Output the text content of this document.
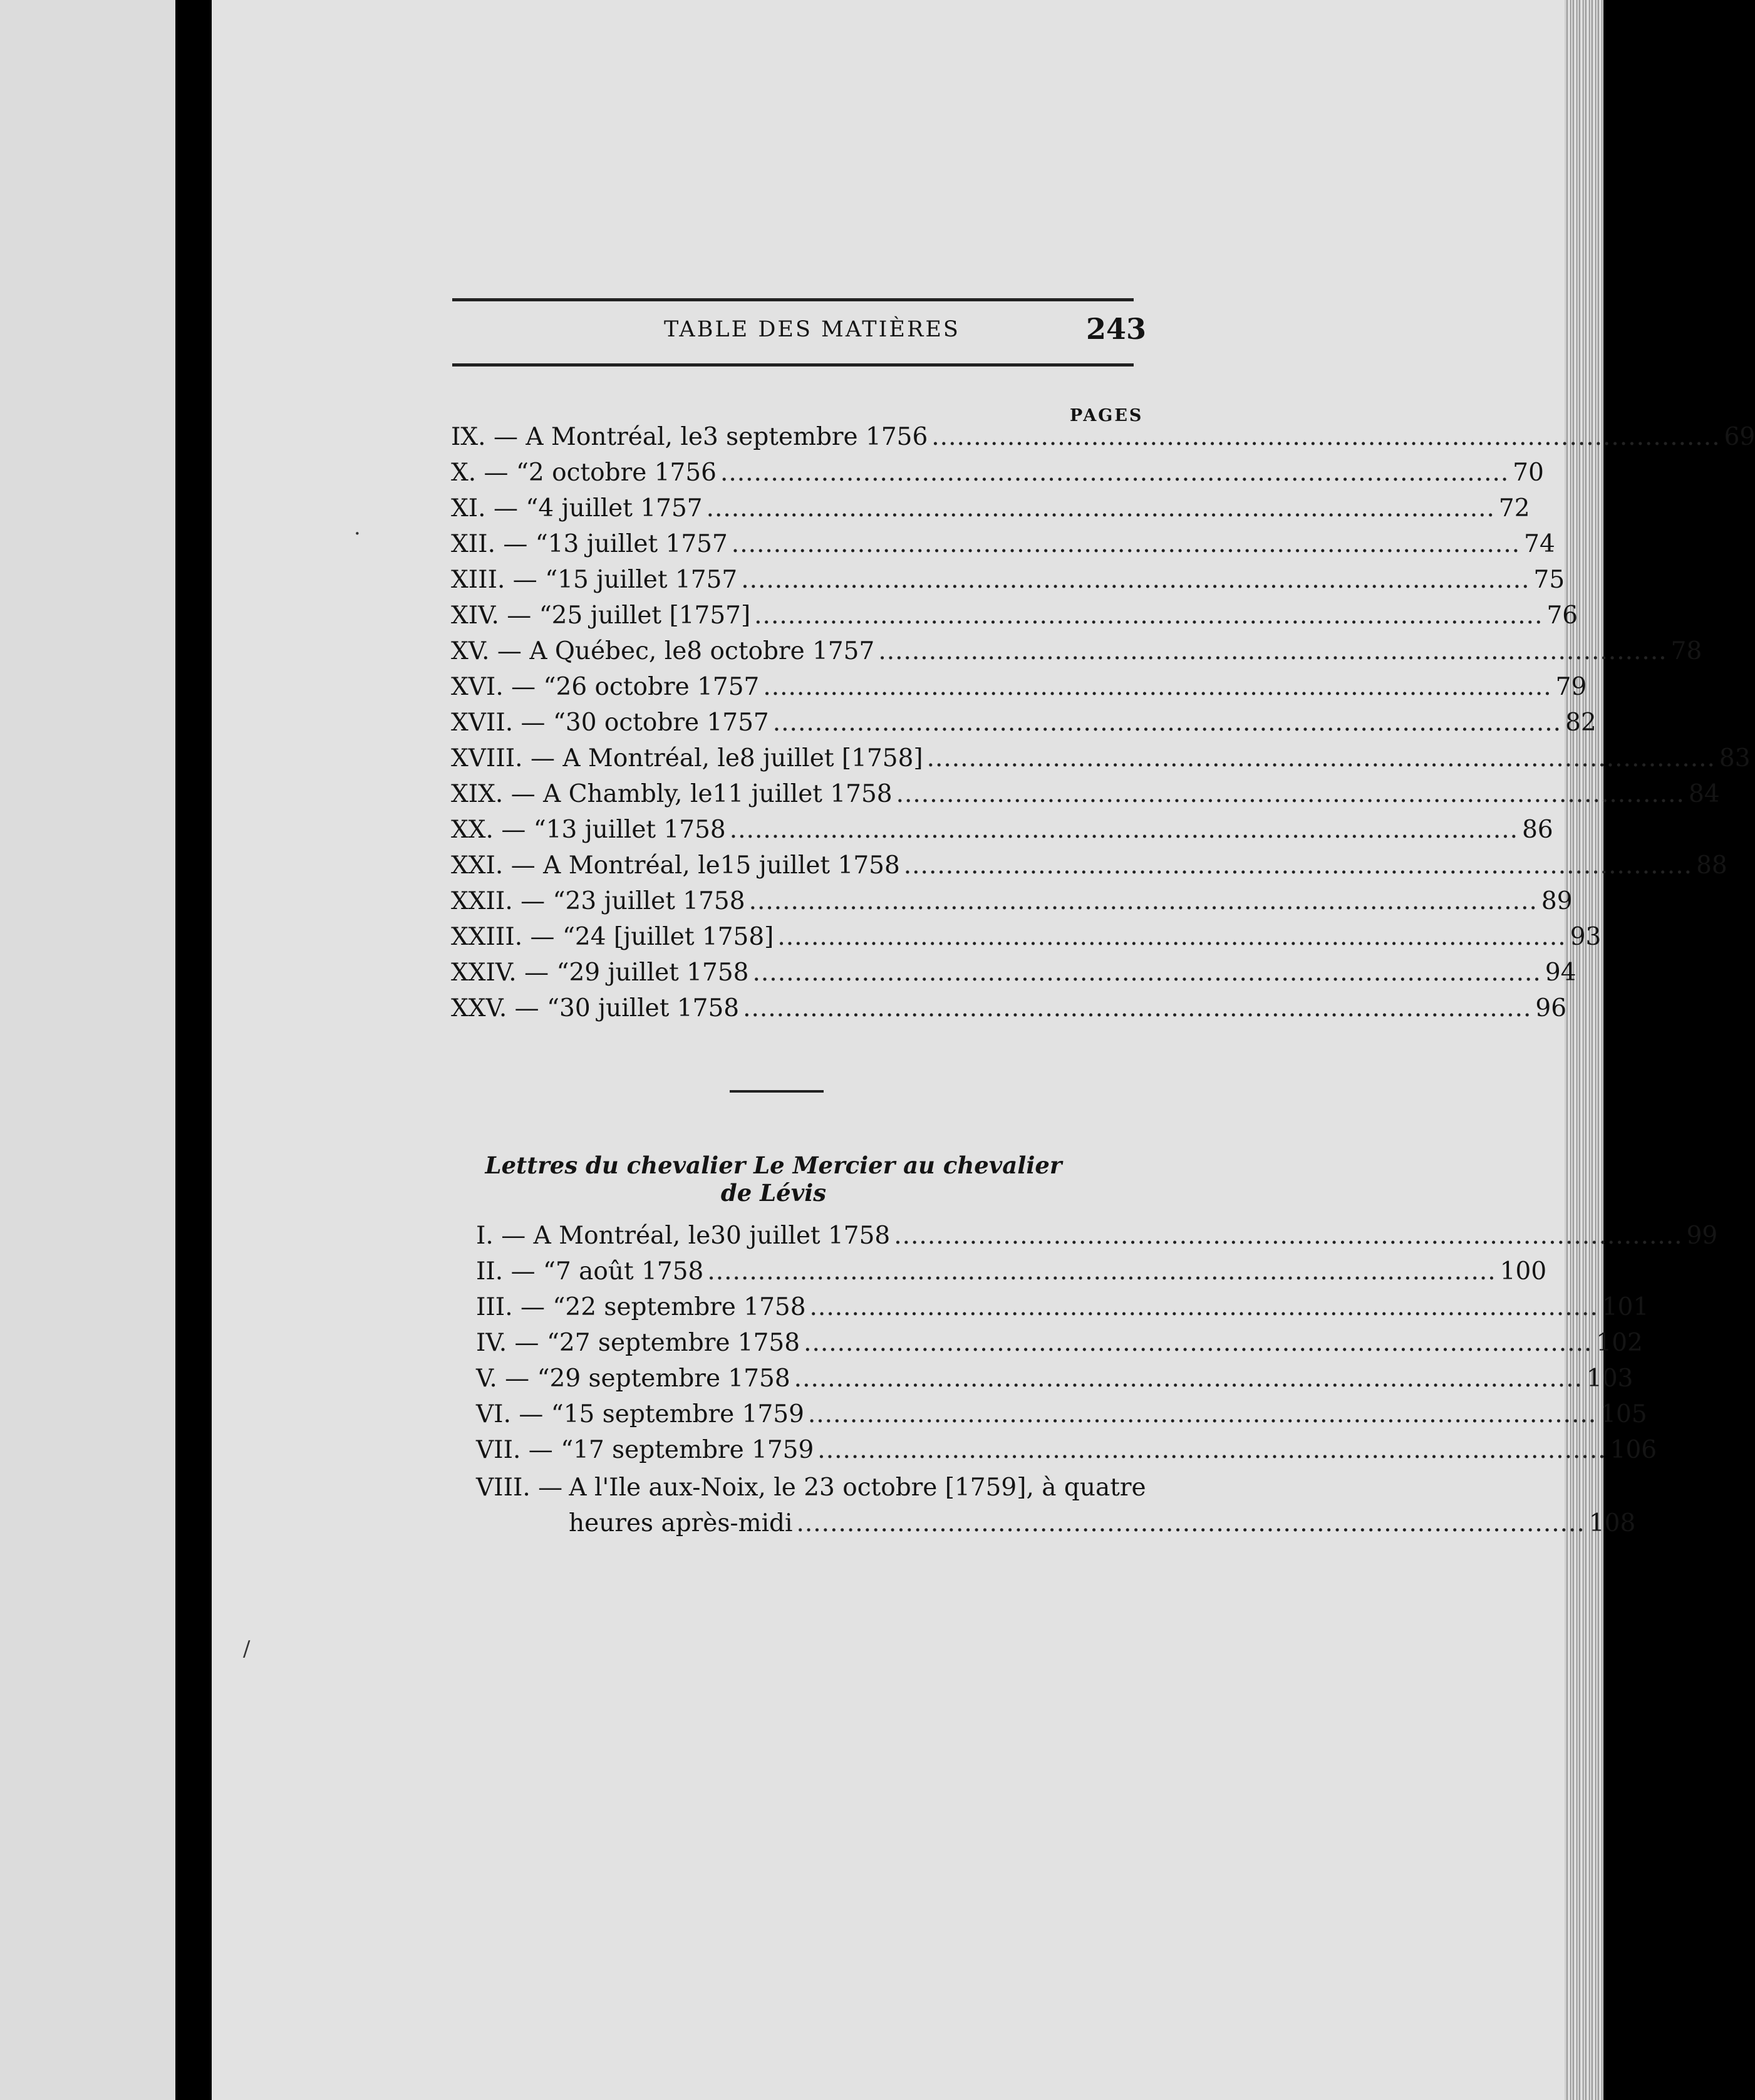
·
/
TABLE DES MATIÈRES	243
PAGES
IX. —
A Montréal, le 3 septembre 1756 .............................................................................................. 69
X. —
“ 2 octobre 1756 .............................................................................................. 70
XI. —
“ 4 juillet 1757 .............................................................................................. 72
XII. —
“ 13 juillet 1757 .............................................................................................. 74
XIII. —
“ 15 juillet 1757 .............................................................................................. 75
XIV. —
“ 25 juillet [1757] .............................................................................................. 76
XV. —
A Québec, le 8 octobre 1757 .............................................................................................. 78
XVI. —
“ 26 octobre 1757 .............................................................................................. 79
XVII. —
“ 30 octobre 1757 .............................................................................................. 82
XVIII. —
A Montréal, le 8 juillet [1758] .............................................................................................. 83
XIX. —
A Chambly, le 11 juillet 1758 .............................................................................................. 84
XX. —
“ 13 juillet 1758 .............................................................................................. 86
XXI. —
A Montréal, le 15 juillet 1758 .............................................................................................. 88
XXII. —
“ 23 juillet 1758 .............................................................................................. 89
XXIII. —
“ 24 [juillet 1758] .............................................................................................. 93
XXIV. —
“ 29 juillet 1758 .............................................................................................. 94
XXV. —
“ 30 juillet 1758 .............................................................................................. 96
Lettres du chevalier Le Mercier au chevalier de Lévis
I. —
A Montréal, le 30 juillet 1758 .............................................................................................. 99
II. —
“ 7 août 1758 .............................................................................................. 100
III. —
“ 22 septembre 1758 .............................................................................................. 101
IV. —
“ 27 septembre 1758 .............................................................................................. 102
V. —
“ 29 septembre 1758 .............................................................................................. 103
VI. —
“ 15 septembre 1759 .............................................................................................. 105
VII. —
“ 17 septembre 1759 .............................................................................................. 106
VIII. — A l'Ile aux-Noix, le 23 octobre [1759], à quatre
heures après-midi .............................................................................................. 108
